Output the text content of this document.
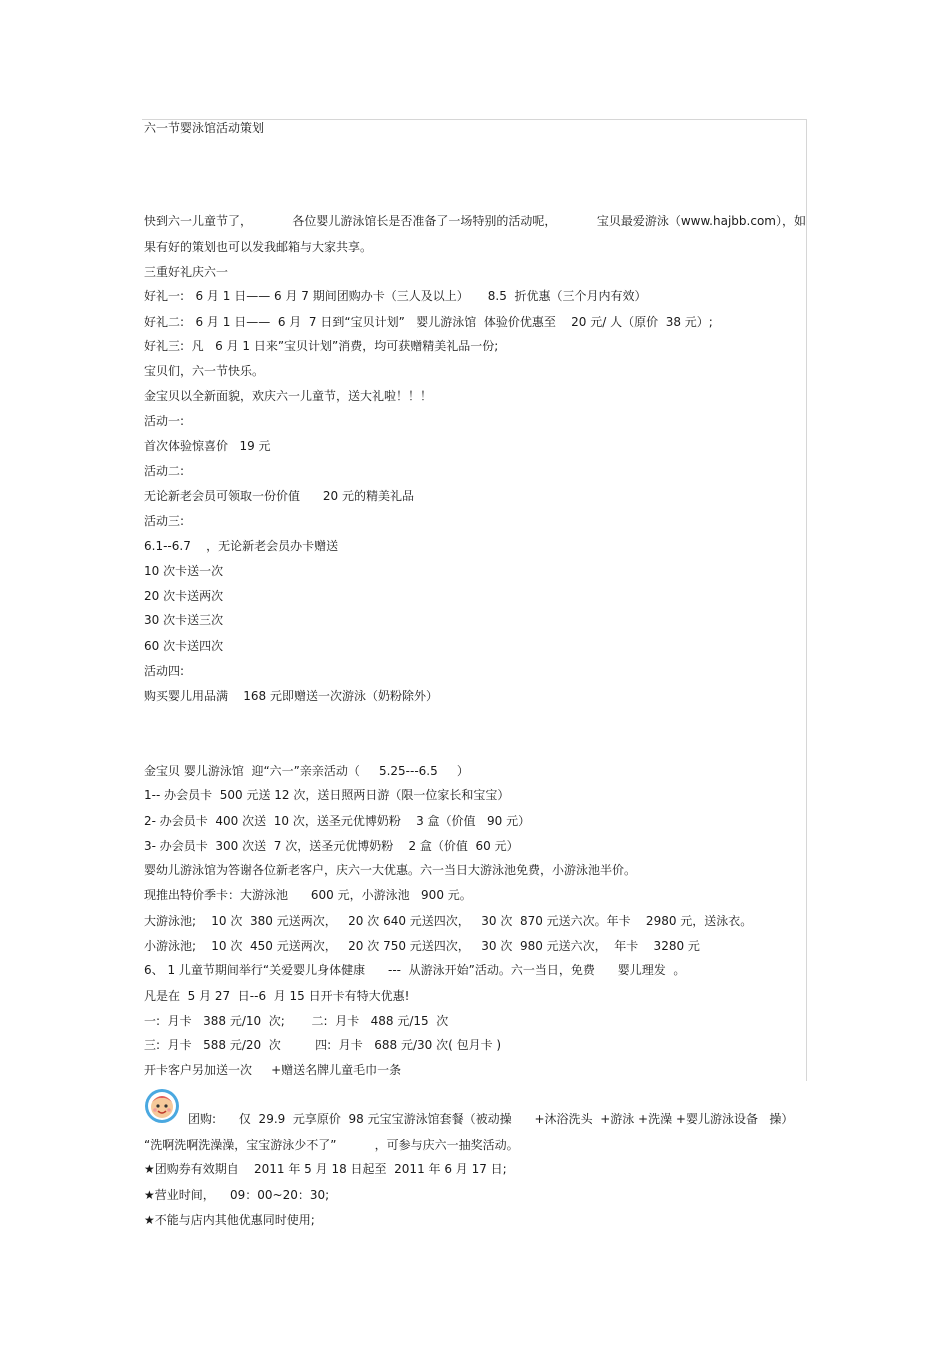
六一节婴泳馆活动策划
快到六一儿童节了，	各位婴儿游泳馆长是否准备了一场特别的活动呢，	宝贝最爱游泳（www.hajbb.com），如
果有好的策划也可以发我邮箱与大家共享。
三重好礼庆六一
好礼一:   6 月 1 日—— 6 月 7 期间团购办卡（三人及以上）     8.5  折优惠（三个月内有效）
好礼二:   6 月 1 日——  6 月  7 日到“宝贝计划”   婴儿游泳馆  体验价优惠至    20 元/ 人（原价  38 元）;
好礼三:  凡   6 月 1 日来”宝贝计划”消费，均可获赠精美礼品一份;
宝贝们，六一节快乐。
金宝贝以全新面貌，欢庆六一儿童节，送大礼啦！！！
活动一:
首次体验惊喜价   19 元
活动二:
无论新老会员可领取一份价值      20 元的精美礼品
活动三:
6.1--6.7    ，无论新老会员办卡赠送
10 次卡送一次
20 次卡送两次
30 次卡送三次
60 次卡送四次
活动四:
购买婴儿用品满    168 元即赠送一次游泳（奶粉除外）
金宝贝 婴儿游泳馆  迎“六一”亲亲活动（     5.25---6.5     ）
1-- 办会员卡  500 元送 12 次，送日照两日游（限一位家长和宝宝）
2- 办会员卡  400 次送  10 次，送圣元优博奶粉    3 盒（价值   90 元）
3- 办会员卡  300 次送  7 次，送圣元优博奶粉    2 盒（价值  60 元）
婴幼儿游泳馆为答谢各位新老客户，庆六一大优惠。六一当日大游泳池免费，小游泳池半价。
现推出特价季卡：大游泳池      600 元，小游泳池   900 元。
大游泳池;    10 次  380 元送两次，   20 次 640 元送四次，   30 次  870 元送六次。年卡    2980 元，送泳衣。
小游泳池;    10 次  450 元送两次，   20 次 750 元送四次，   30 次  980 元送六次，  年卡    3280 元
6、 1 儿童节期间举行“关爱婴儿身体健康      ---  从游泳开始”活动。六一当日，免费      婴儿理发  。
凡是在  5 月 27  日--6  月 15 日开卡有特大优惠!
一:  月卡   388 元/10  次;       二:  月卡   488 元/15  次
三:  月卡   588 元/20  次         四:  月卡   688 元/30 次( 包月卡 )
开卡客户另加送一次     +赠送名牌儿童毛巾一条
团购:      仅  29.9  元享原价  98 元宝宝游泳馆套餐（被动操      +沐浴洗头  +游泳 +洗澡 +婴儿游泳设备   操）
“洗啊洗啊洗澡澡，宝宝游泳少不了”          ，可参与庆六一抽奖活动。
★团购券有效期自    2011 年 5 月 18 日起至  2011 年 6 月 17 日;
★营业时间，    09：00~20：30;
★不能与店内其他优惠同时使用;
